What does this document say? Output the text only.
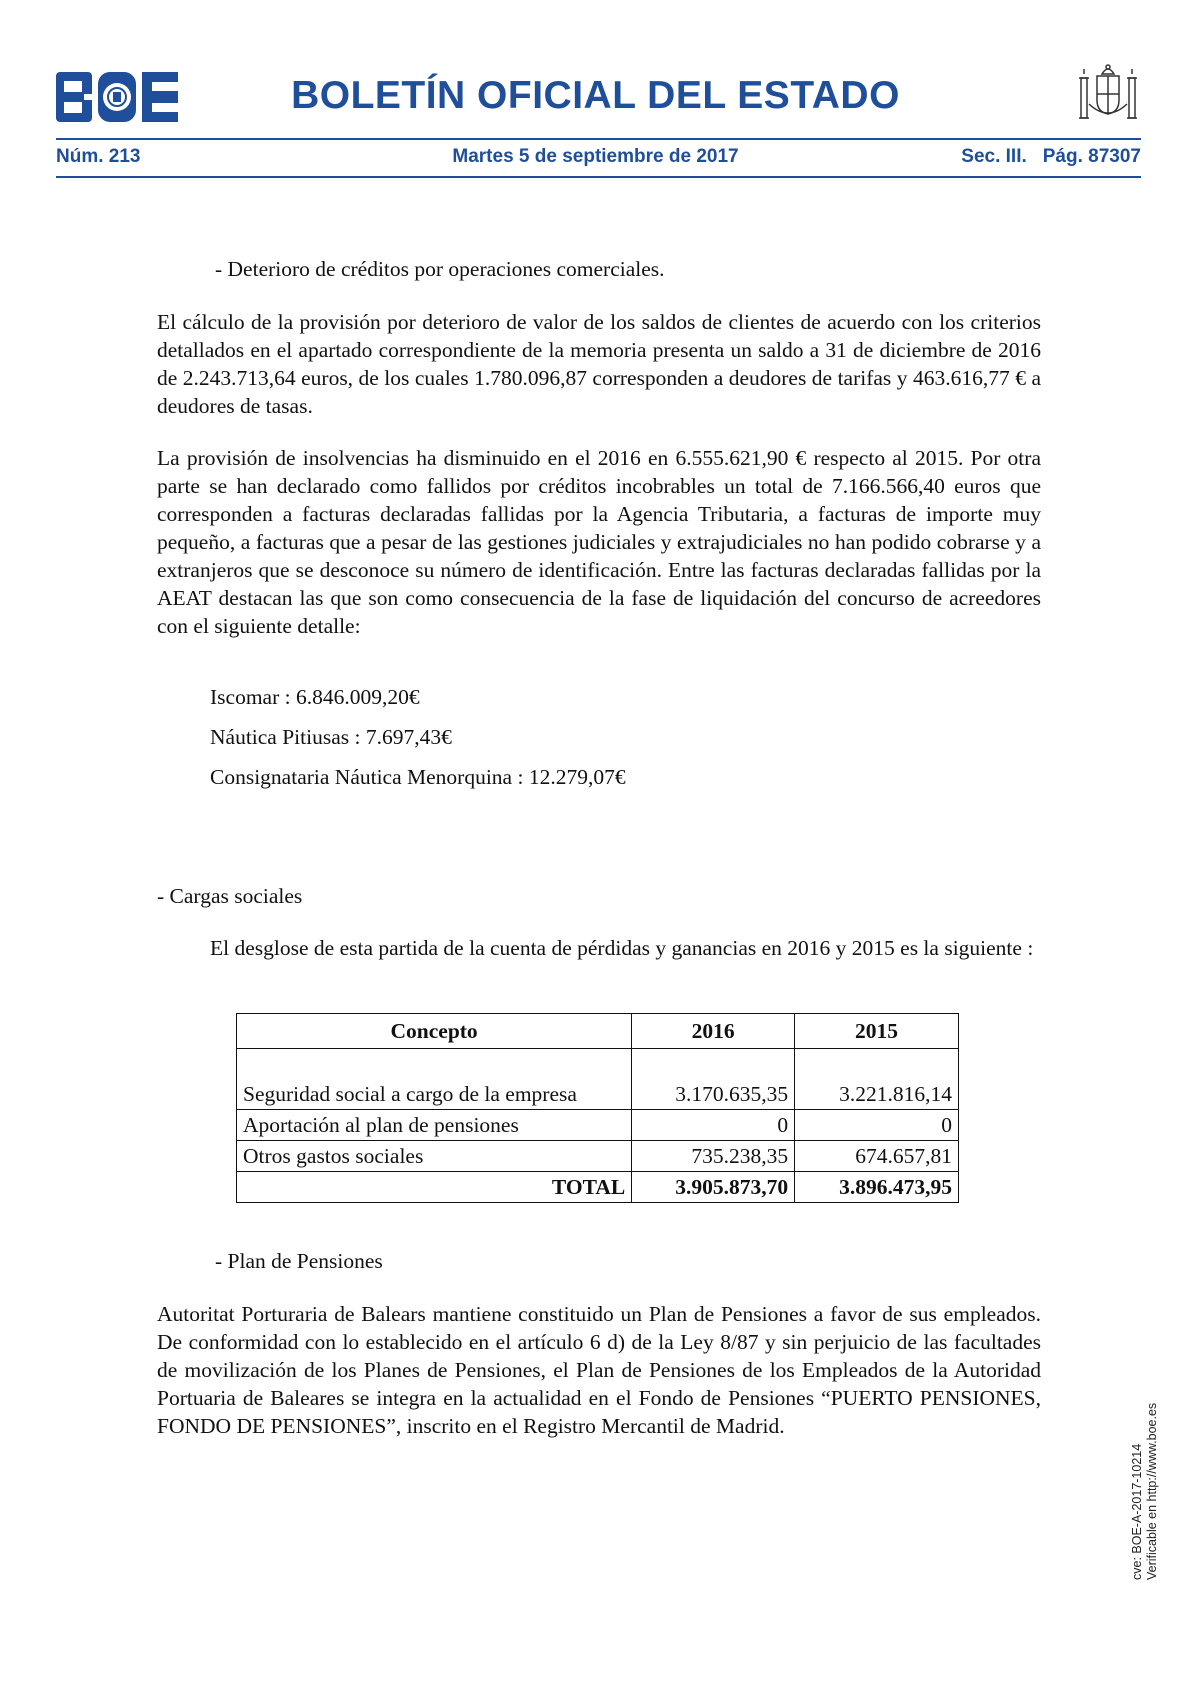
BOLETÍN OFICIAL DEL ESTADO
Núm. 213	Martes 5 de septiembre de 2017	Sec. III. Pág. 87307
- Deterioro de créditos por operaciones comerciales.
El cálculo de la provisión por deterioro de valor de los saldos de clientes de acuerdo con los criterios detallados en el apartado correspondiente de la memoria presenta un saldo a 31 de diciembre de 2016 de 2.243.713,64 euros, de los cuales 1.780.096,87 corresponden a deudores de tarifas y 463.616,77 € a deudores de tasas.
La provisión de insolvencias ha disminuido en el 2016 en 6.555.621,90 € respecto al 2015. Por otra parte se han declarado como fallidos por créditos incobrables un total de 7.166.566,40 euros que corresponden a facturas declaradas fallidas por la Agencia Tributaria, a facturas de importe muy pequeño, a facturas que a pesar de las gestiones judiciales y extrajudiciales no han podido cobrarse y a extranjeros que se desconoce su número de identificación. Entre las facturas declaradas fallidas por la AEAT destacan las que son como consecuencia de la fase de liquidación del concurso de acreedores con el siguiente detalle:
Iscomar : 6.846.009,20€
Náutica Pitiusas : 7.697,43€
Consignataria Náutica Menorquina : 12.279,07€
- Cargas sociales
El desglose de esta partida de la cuenta de pérdidas y ganancias en 2016 y 2015 es la siguiente :
Concepto	2016	2015

Seguridad social a cargo de la empresa	3.170.635,35	3.221.816,14
Aportación al plan de pensiones	0	0
Otros gastos sociales	735.238,35	674.657,81
TOTAL	3.905.873,70	3.896.473,95
- Plan de Pensiones
Autoritat Porturaria de Balears mantiene constituido un Plan de Pensiones a favor de sus empleados. De conformidad con lo establecido en el artículo 6 d) de la Ley 8/87 y sin perjuicio de las facultades de movilización de los Planes de Pensiones, el Plan de Pensiones de los Empleados de la Autoridad Portuaria de Baleares se integra en la actualidad en el Fondo de Pensiones “PUERTO PENSIONES, FONDO DE PENSIONES”, inscrito en el Registro Mercantil de Madrid.
cve: BOE-A-2017-10214 Verificable en http://www.boe.es
